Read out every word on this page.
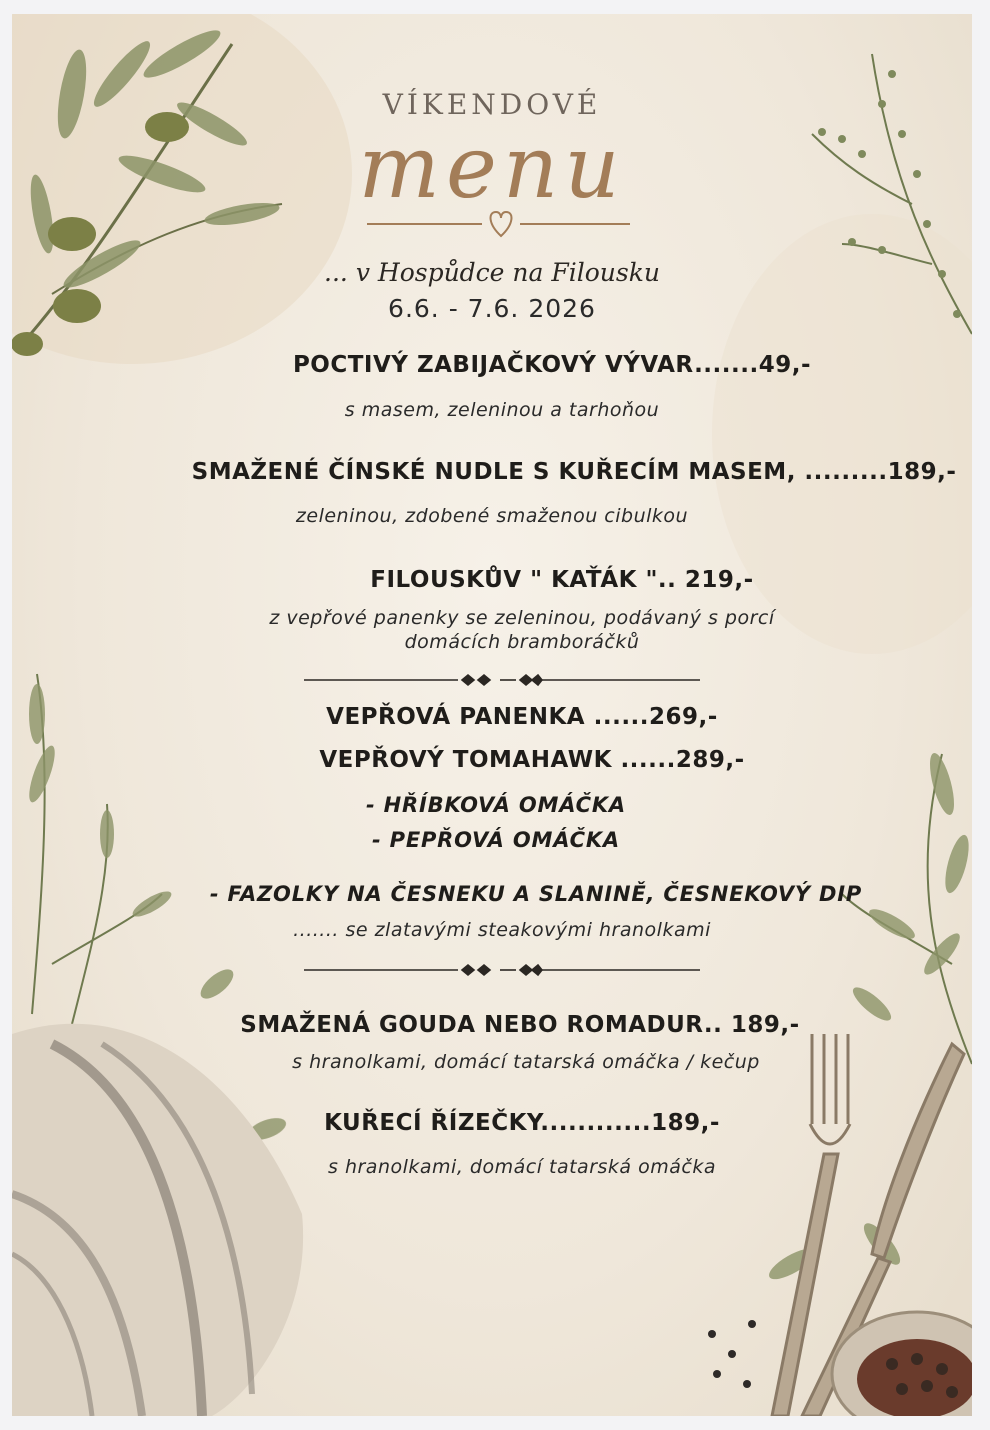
VÍKENDOVÉ
menu
... v Hospůdce na Filousku
6.6. - 7.6. 2026
POCTIVÝ ZABIJAČKOVÝ VÝVAR.......49,-
s masem, zeleninou a tarhoňou
SMAŽENÉ ČÍNSKÉ NUDLE S KUŘECÍM MASEM, .........189,-
zeleninou, zdobené smaženou cibulkou
FILOUSKŮV " KAŤÁK ".. 219,-
z vepřové panenky se zeleninou, podávaný s porcí
domácích bramboráčků
VEPŘOVÁ PANENKA ......269,-
VEPŘOVÝ TOMAHAWK ......289,-
- HŘÍBKOVÁ OMÁČKA
- PEPŘOVÁ OMÁČKA
- FAZOLKY NA ČESNEKU A SLANINĚ, ČESNEKOVÝ DIP
....... se zlatavými steakovými hranolkami
SMAŽENÁ GOUDA NEBO ROMADUR.. 189,-
s hranolkami, domácí tatarská omáčka / kečup
KUŘECÍ ŘÍZEČKY............189,-
s hranolkami, domácí tatarská omáčka
